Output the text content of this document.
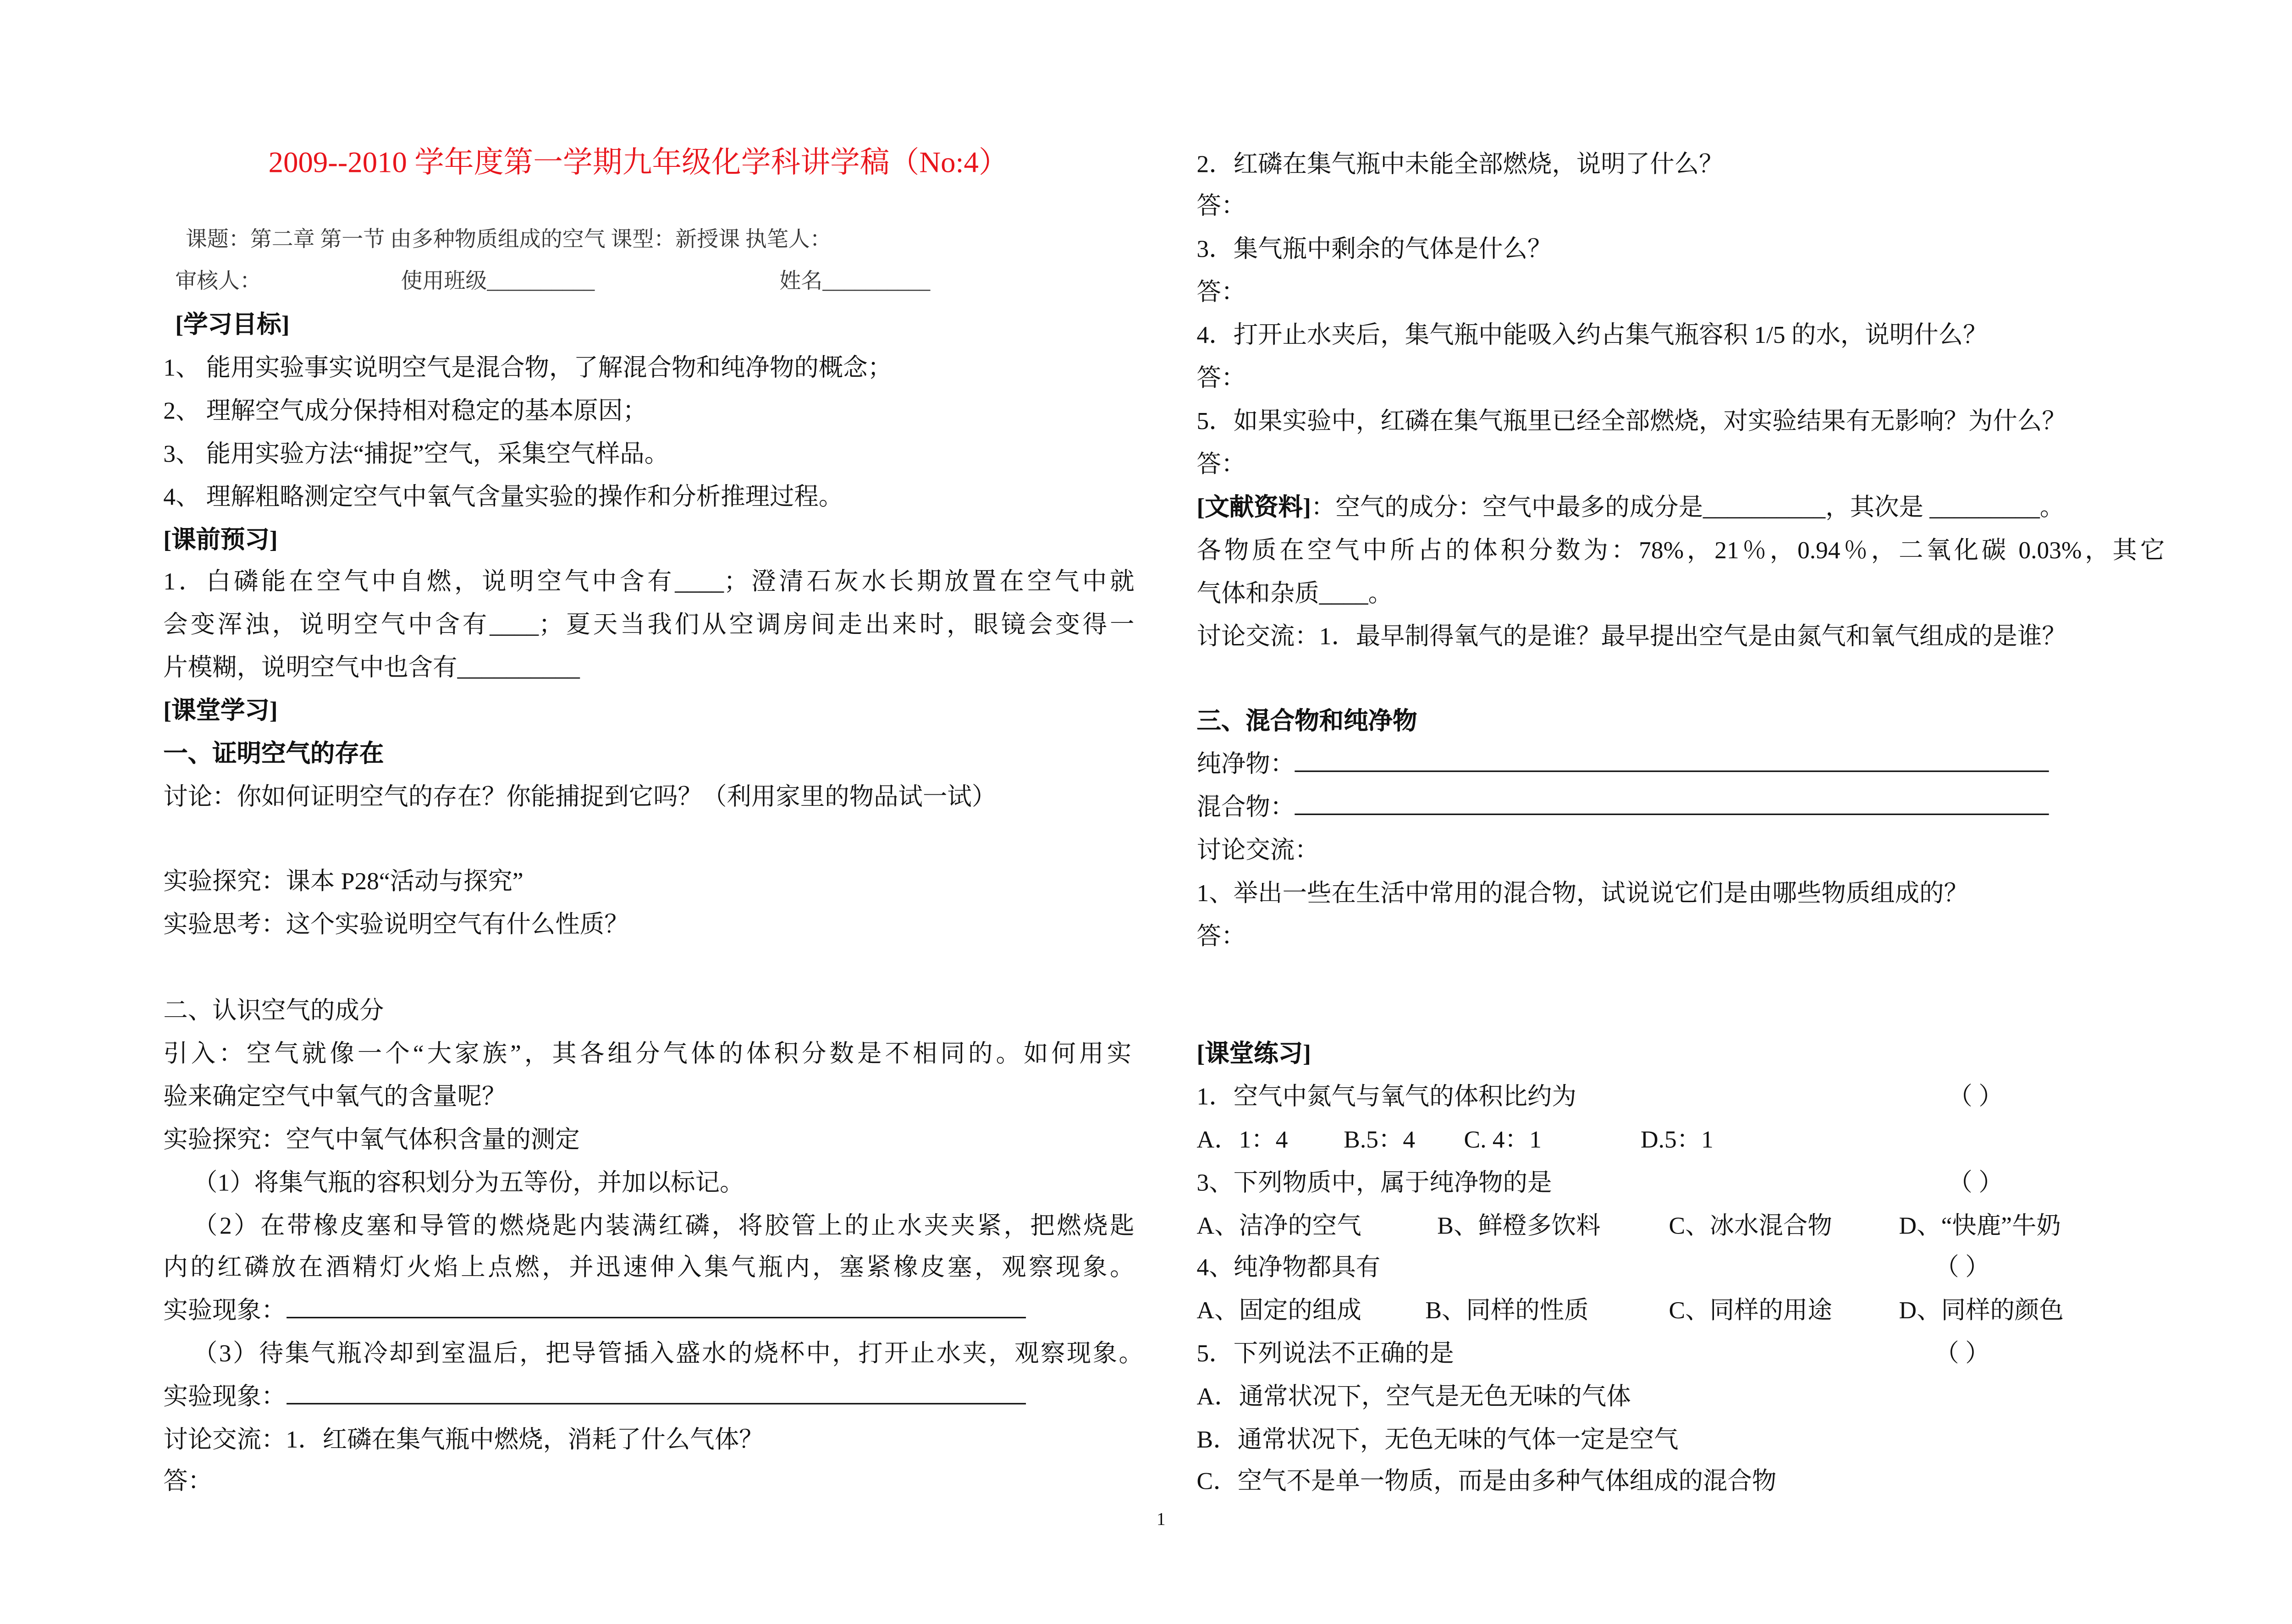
2009--2010 学年度第一学期九年级化学科讲学稿（No:4）
课题：第二章 第一节 由多种物质组成的空气 课型：新授课 执笔人：
审核人：	使用班级__________	姓名__________
[学习目标]
1、 能用实验事实说明空气是混合物，了解混合物和纯净物的概念；
2、 理解空气成分保持相对稳定的基本原因；
3、 能用实验方法“捕捉”空气，采集空气样品。
4、 理解粗略测定空气中氧气含量实验的操作和分析推理过程。
[课前预习]
1．白磷能在空气中自燃，说明空气中含有____；澄清石灰水长期放置在空气中就
会变浑浊，说明空气中含有____；夏天当我们从空调房间走出来时，眼镜会变得一
片模糊，说明空气中也含有__________
[课堂学习]
一、证明空气的存在
讨论：你如何证明空气的存在？你能捕捉到它吗？（利用家里的物品试一试）
实验探究：课本 P28“活动与探究”
实验思考：这个实验说明空气有什么性质？
二、认识空气的成分
引入：空气就像一个“大家族”，其各组分气体的体积分数是不相同的。如何用实
验来确定空气中氧气的含量呢？
实验探究：空气中氧气体积含量的测定
（1）将集气瓶的容积划分为五等份，并加以标记。
（2）在带橡皮塞和导管的燃烧匙内装满红磷，将胶管上的止水夹夹紧，把燃烧匙
内的红磷放在酒精灯火焰上点燃，并迅速伸入集气瓶内，塞紧橡皮塞，观察现象。
实验现象：
（3）待集气瓶冷却到室温后，把导管插入盛水的烧杯中，打开止水夹，观察现象。
实验现象：
讨论交流：1．红磷在集气瓶中燃烧，消耗了什么气体？
答：
2．红磷在集气瓶中未能全部燃烧，说明了什么？
答：
3．集气瓶中剩余的气体是什么？
答：
4．打开止水夹后，集气瓶中能吸入约占集气瓶容积 1/5 的水，说明什么？
答：
5．如果实验中，红磷在集气瓶里已经全部燃烧，对实验结果有无影响？为什么？
答：
[文献资料]：空气的成分：空气中最多的成分是__________，其次是 _________。
各物质在空气中所占的体积分数为：78%，21％，0.94％，二氧化碳 0.03%，其它
气体和杂质____。
讨论交流：1．最早制得氧气的是谁？最早提出空气是由氮气和氧气组成的是谁？
三、混合物和纯净物
纯净物：
混合物：
讨论交流：
1、举出一些在生活中常用的混合物，试说说它们是由哪些物质组成的？
答：
[课堂练习]
1．空气中氮气与氧气的体积比约为	（ ）
A．1：4	B.5：4	C. 4：1	D.5：1
3、下列物质中，属于纯净物的是	（ ）
A、洁净的空气	B、鲜橙多饮料	C、冰水混合物	D、“快鹿”牛奶
4、纯净物都具有	（ ）
A、固定的组成	B、同样的性质	C、同样的用途	D、同样的颜色
5．下列说法不正确的是	（ ）
A．通常状况下，空气是无色无味的气体
B．通常状况下，无色无味的气体一定是空气
C．空气不是单一物质，而是由多种气体组成的混合物
1
